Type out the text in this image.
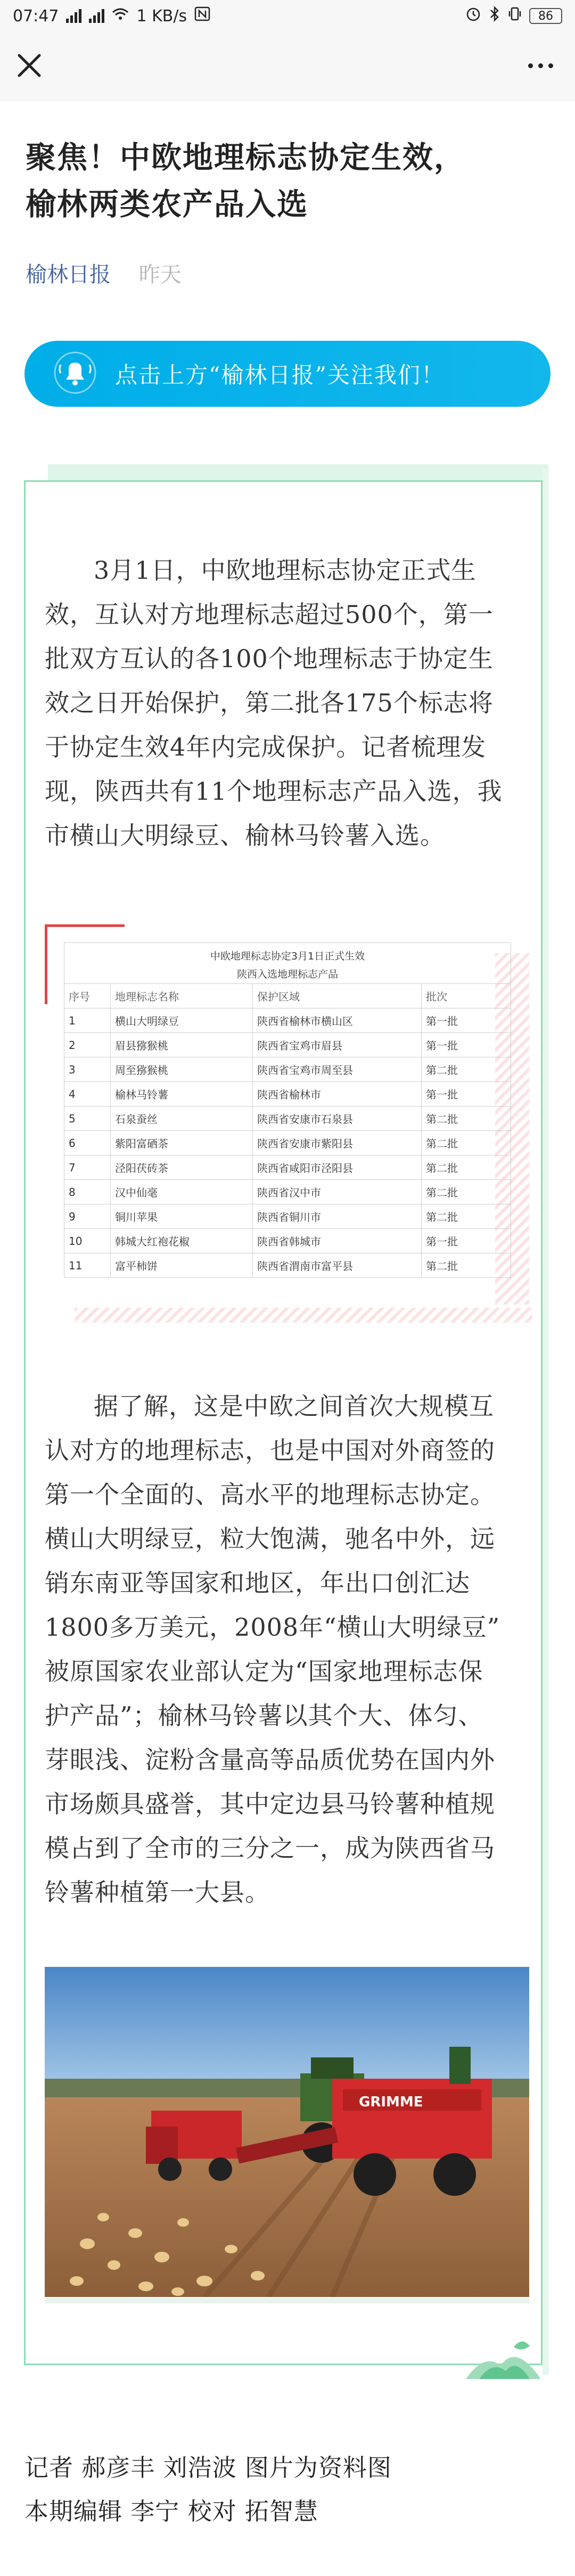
07:47	1 KB/s	86
聚焦！中欧地理标志协定生效，
榆林两类农产品入选
榆林日报 昨天
点击上方“榆林日报”关注我们！
3月1日，中欧地理标志协定正式生
效，互认对方地理标志超过500个，第一
批双方互认的各100个地理标志于协定生
效之日开始保护，第二批各175个标志将
于协定生效4年内完成保护。记者梳理发
现，陕西共有11个地理标志产品入选，我
市横山大明绿豆、榆林马铃薯入选。
中欧地理标志协定3月1日正式生效
陕西入选地理标志产品
序号	地理标志名称	保护区域	批次
1	横山大明绿豆	陕西省榆林市横山区	第一批
2	眉县猕猴桃	陕西省宝鸡市眉县	第一批
3	周至猕猴桃	陕西省宝鸡市周至县	第二批
4	榆林马铃薯	陕西省榆林市	第一批
5	石泉蚕丝	陕西省安康市石泉县	第二批
6	紫阳富硒茶	陕西省安康市紫阳县	第二批
7	泾阳茯砖茶	陕西省咸阳市泾阳县	第二批
8	汉中仙毫	陕西省汉中市	第二批
9	铜川苹果	陕西省铜川市	第二批
10	韩城大红袍花椒	陕西省韩城市	第一批
11	富平柿饼	陕西省渭南市富平县	第二批
据了解，这是中欧之间首次大规模互
认对方的地理标志，也是中国对外商签的
第一个全面的、高水平的地理标志协定。
横山大明绿豆，粒大饱满，驰名中外，远
销东南亚等国家和地区，年出口创汇达
1800多万美元，2008年“横山大明绿豆”
被原国家农业部认定为“国家地理标志保
护产品”；榆林马铃薯以其个大、体匀、
芽眼浅、淀粉含量高等品质优势在国内外
市场颇具盛誉，其中定边县马铃薯种植规
模占到了全市的三分之一，成为陕西省马
铃薯种植第一大县。
GRIMME
记者 郝彦丰 刘浩波 图片为资料图
本期编辑 李宁 校对 拓智慧
